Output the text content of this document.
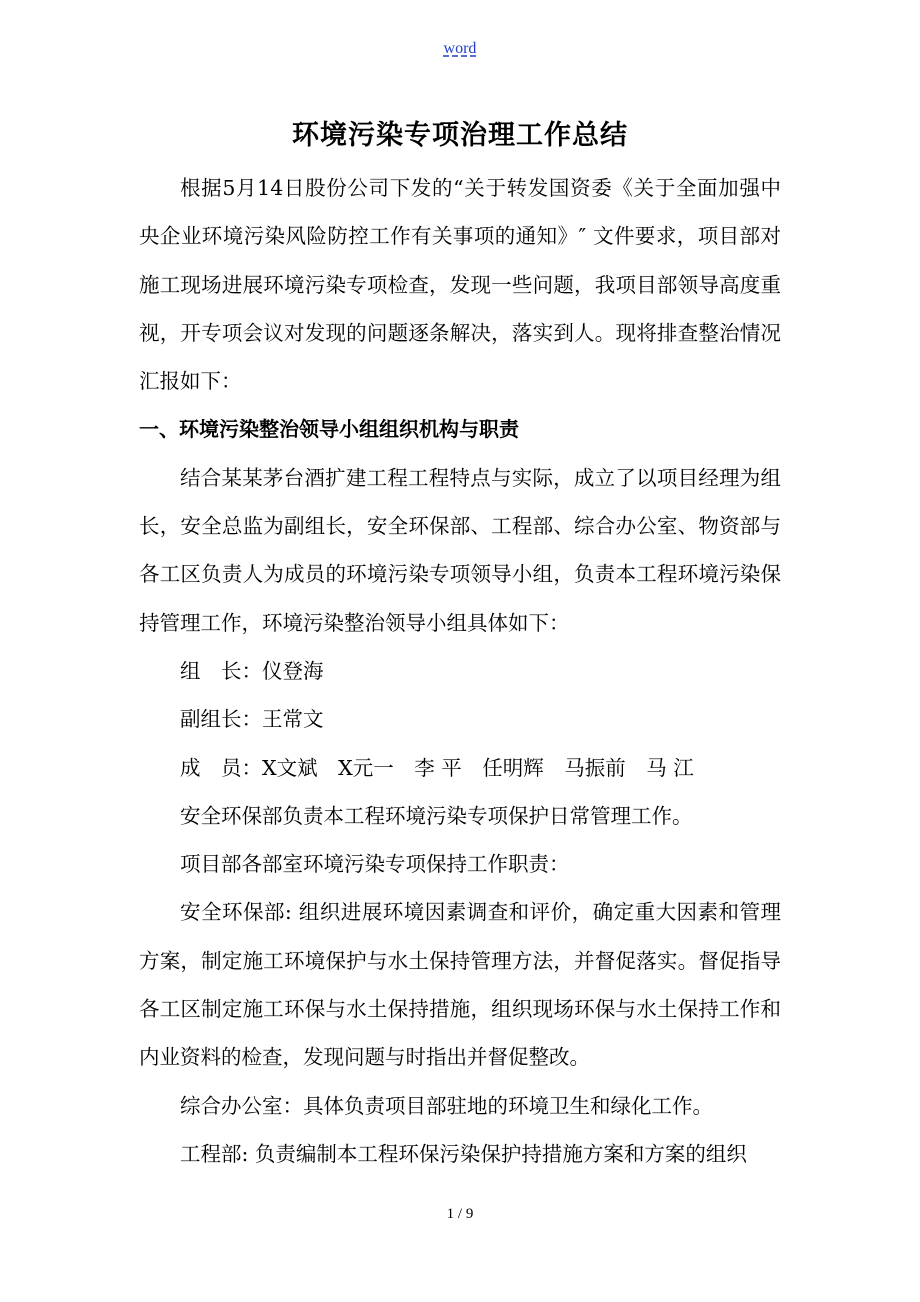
word
环境污染专项治理工作总结

根据5月14日股份公司下发的“关于转发国资委《关于全面加强中央企业环境污染风险防控工作有关事项的通知》″ 文件要求，项目部对施工现场进展环境污染专项检查，发现一些问题，我项目部领导高度重视，开专项会议对发现的问题逐条解决，落实到人。现将排查整治情况汇报如下：

一、环境污染整治领导小组组织机构与职责

结合某某茅台酒扩建工程工程特点与实际，成立了以项目经理为组长，安全总监为副组长，安全环保部、工程部、综合办公室、物资部与各工区负责人为成员的环境污染专项领导小组，负责本工程环境污染保持管理工作，环境污染整治领导小组具体如下：

组　长：仪登海

副组长：王常文

成　员：X文斌　X元一　李 平　任明辉　马振前　马 江

安全环保部负责本工程环境污染专项保护日常管理工作。

项目部各部室环境污染专项保持工作职责：

安全环保部: 组织进展环境因素调查和评价，确定重大因素和管理方案，制定施工环境保护与水土保持管理方法，并督促落实。督促指导各工区制定施工环保与水土保持措施，组织现场环保与水土保持工作和内业资料的检查，发现问题与时指出并督促整改。

综合办公室：具体负责项目部驻地的环境卫生和绿化工作。

工程部: 负责编制本工程环保污染保护持措施方案和方案的组织

1 / 9
